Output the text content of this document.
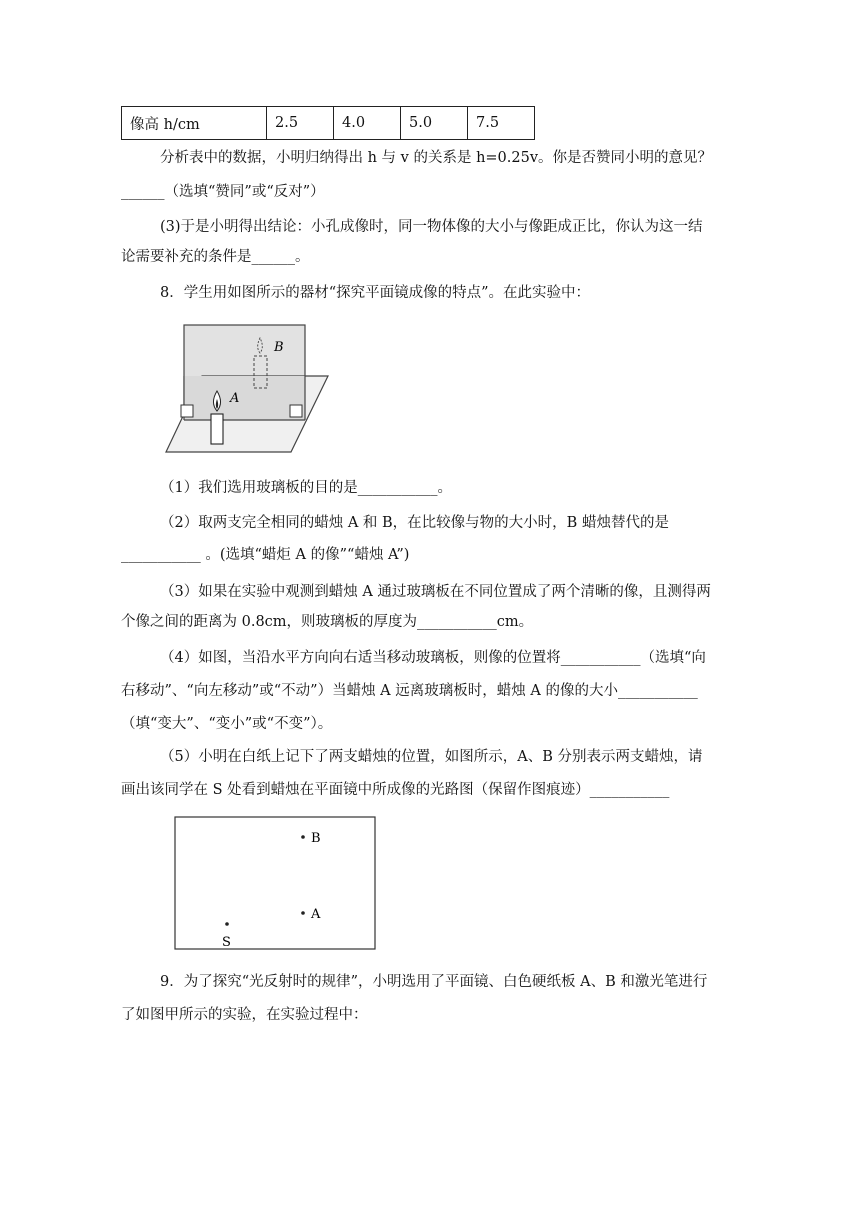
像高 h/cm	2.5	4.0	5.0	7.5
分析表中的数据，小明归纳得出 h 与 v 的关系是 h=0.25v。你是否赞同小明的意见？
______（选填“赞同”或“反对”）
(3)于是小明得出结论：小孔成像时，同一物体像的大小与像距成正比，你认为这一结
论需要补充的条件是______。
8．学生用如图所示的器材“探究平面镜成像的特点”。在此实验中：
B
A
（1）我们选用玻璃板的目的是___________。
（2）取两支完全相同的蜡烛 A 和 B，在比较像与物的大小时，B 蜡烛替代的是
___________ 。(选填“蜡炬 A 的像”“蜡烛 A”)
（3）如果在实验中观测到蜡烛 A 通过玻璃板在不同位置成了两个清晰的像，且测得两
个像之间的距离为 0.8cm，则玻璃板的厚度为___________cm。
（4）如图，当沿水平方向向右适当移动玻璃板，则像的位置将___________（选填“向
右移动”、“向左移动”或“不动”）当蜡烛 A 远离玻璃板时，蜡烛 A 的像的大小___________
（填“变大”、“变小”或“不变”）。
（5）小明在白纸上记下了两支蜡烛的位置，如图所示，A、B 分别表示两支蜡烛，请
画出该同学在 S 处看到蜡烛在平面镜中所成像的光路图（保留作图痕迹）___________
B
A
S
9．为了探究“光反射时的规律”，小明选用了平面镜、白色硬纸板 A、B 和激光笔进行
了如图甲所示的实验，在实验过程中：
